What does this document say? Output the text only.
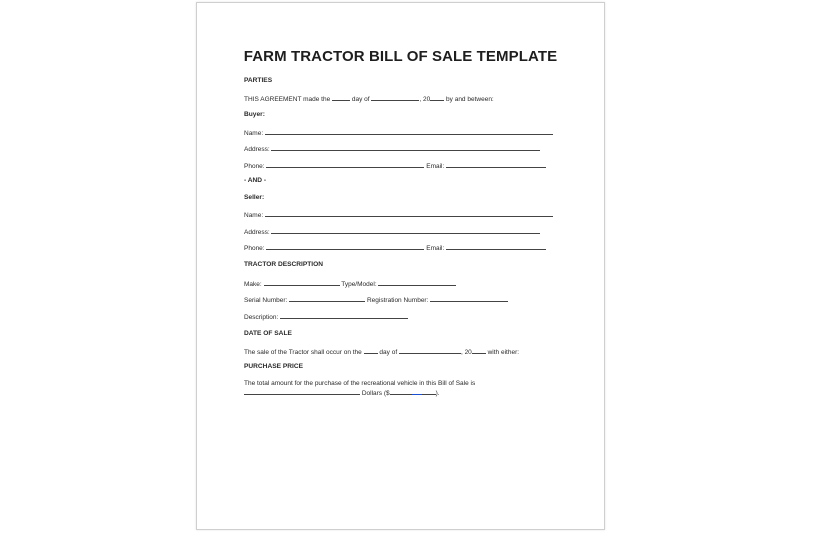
FARM TRACTOR BILL OF SALE TEMPLATE
PARTIES
THIS AGREEMENT made the	day of	, 20 by and between:
Buyer:
Name:
Address:
Phone:	Email:
- AND -
Seller:
Name:
Address:
Phone:	Email:
TRACTOR DESCRIPTION
Make:	Type/Model:
Serial Number:	Registration Number:
Description:
DATE OF SALE
The sale of the Tractor shall occur on the	day of	, 20 with either:
PURCHASE PRICE
The total amount for the purchase of the recreational vehicle in this Bill of Sale is
Dollars ($	).
